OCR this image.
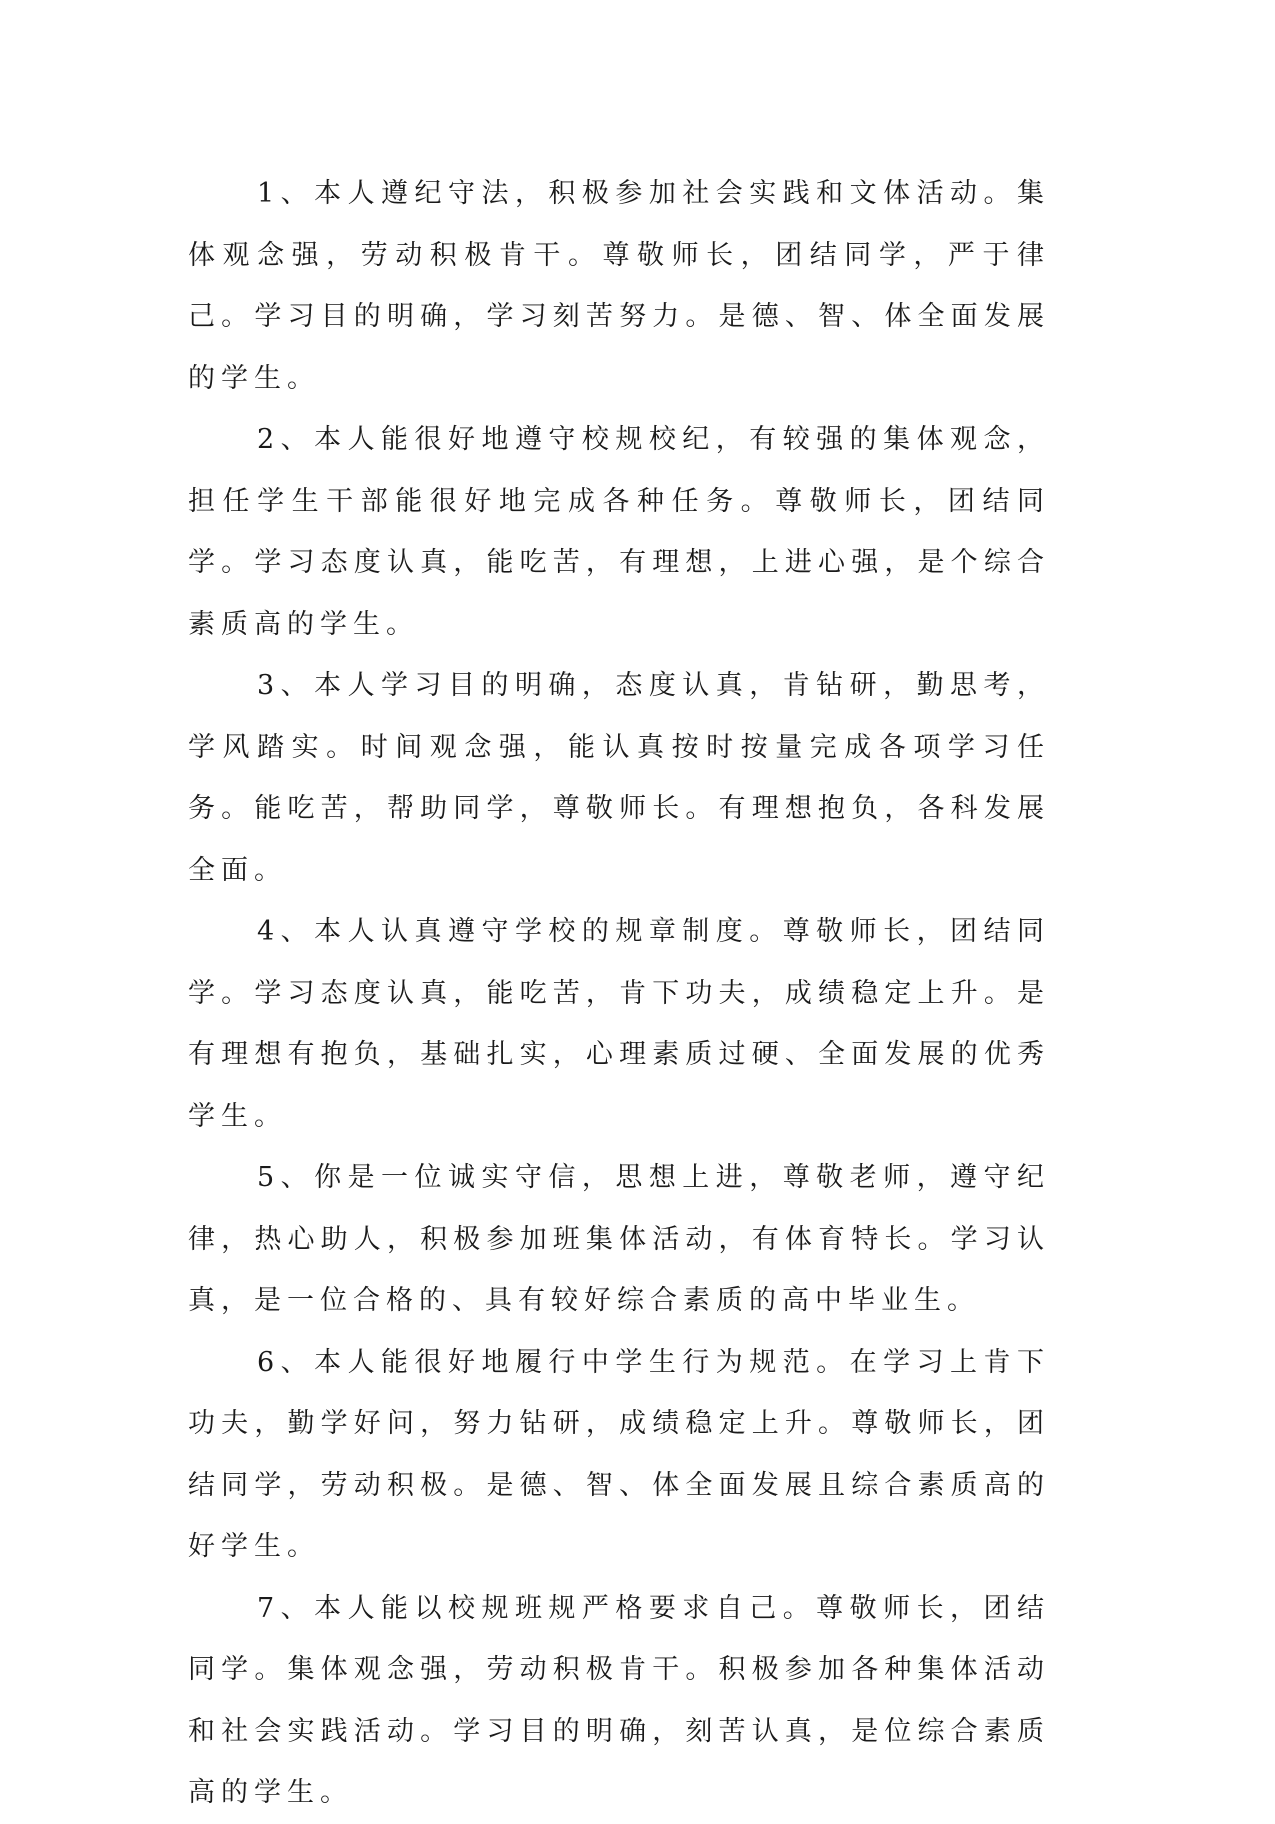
1、本人遵纪守法，积极参加社会实践和文体活动。集体观念强，劳动积极肯干。尊敬师长，团结同学，严于律己。学习目的明确，学习刻苦努力。是德、智、体全面发展的学生。

2、本人能很好地遵守校规校纪，有较强的集体观念，担任学生干部能很好地完成各种任务。尊敬师长，团结同学。学习态度认真，能吃苦，有理想，上进心强，是个综合素质高的学生。

3、本人学习目的明确，态度认真，肯钻研，勤思考，学风踏实。时间观念强，能认真按时按量完成各项学习任务。能吃苦，帮助同学，尊敬师长。有理想抱负，各科发展全面。

4、本人认真遵守学校的规章制度。尊敬师长，团结同学。学习态度认真，能吃苦，肯下功夫，成绩稳定上升。是有理想有抱负，基础扎实，心理素质过硬、全面发展的优秀学生。

5、你是一位诚实守信，思想上进，尊敬老师，遵守纪律，热心助人，积极参加班集体活动，有体育特长。学习认真，是一位合格的、具有较好综合素质的高中毕业生。

6、本人能很好地履行中学生行为规范。在学习上肯下功夫，勤学好问，努力钻研，成绩稳定上升。尊敬师长，团结同学，劳动积极。是德、智、体全面发展且综合素质高的好学生。

7、本人能以校规班规严格要求自己。尊敬师长，团结同学。集体观念强，劳动积极肯干。积极参加各种集体活动和社会实践活动。学习目的明确，刻苦认真，是位综合素质高的学生。
